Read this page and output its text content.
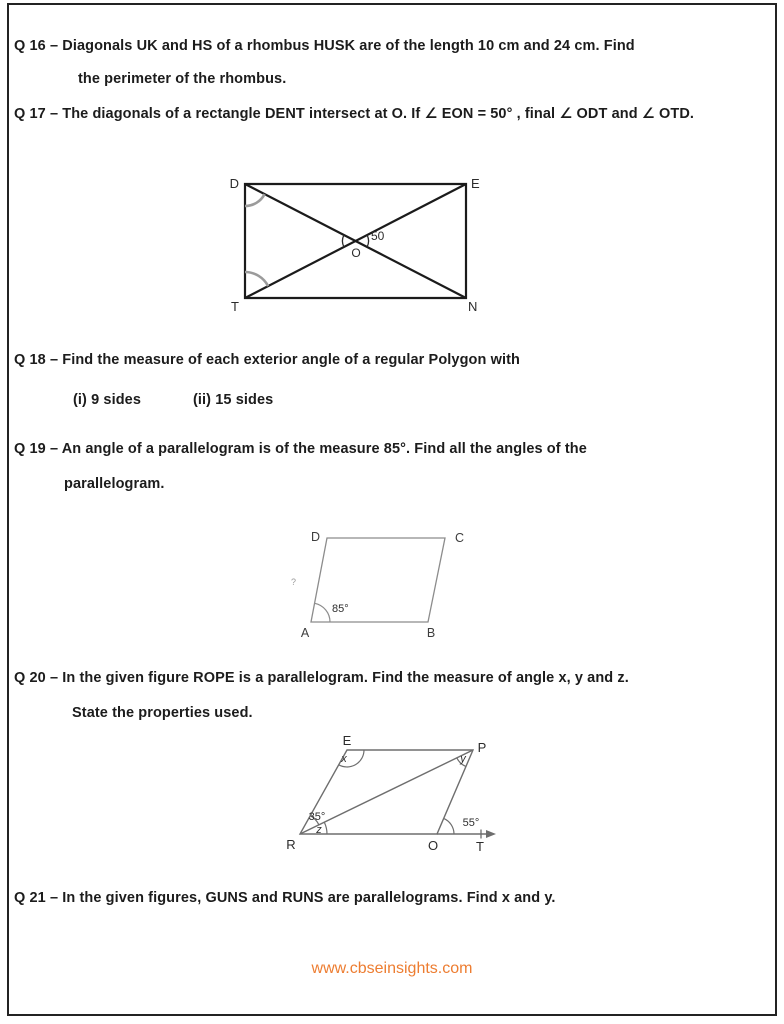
Q 16 – Diagonals UK and HS of a rhombus HUSK are of the length 10 cm and 24 cm. Find
the perimeter of the rhombus.
Q 17 – The diagonals of a rectangle DENT intersect at O. If ∠ EON = 50° , final ∠ ODT and ∠ OTD.
Q 18 – Find the measure of each exterior angle of a regular Polygon with
(i) 9 sides	(ii) 15 sides
Q 19 – An angle of a parallelogram is of the measure 85°. Find all the angles of the
parallelogram.
Q 20 – In the given figure ROPE is a parallelogram. Find the measure of angle x, y and z.
State the properties used.
Q 21 – In the given figures, GUNS and RUNS are parallelograms. Find x and y.
D	E
T	N
O
50
A	B
C
D
85°
?
E	P
R	O	T
x	y
z
35°	55°
www.cbseinsights.com
